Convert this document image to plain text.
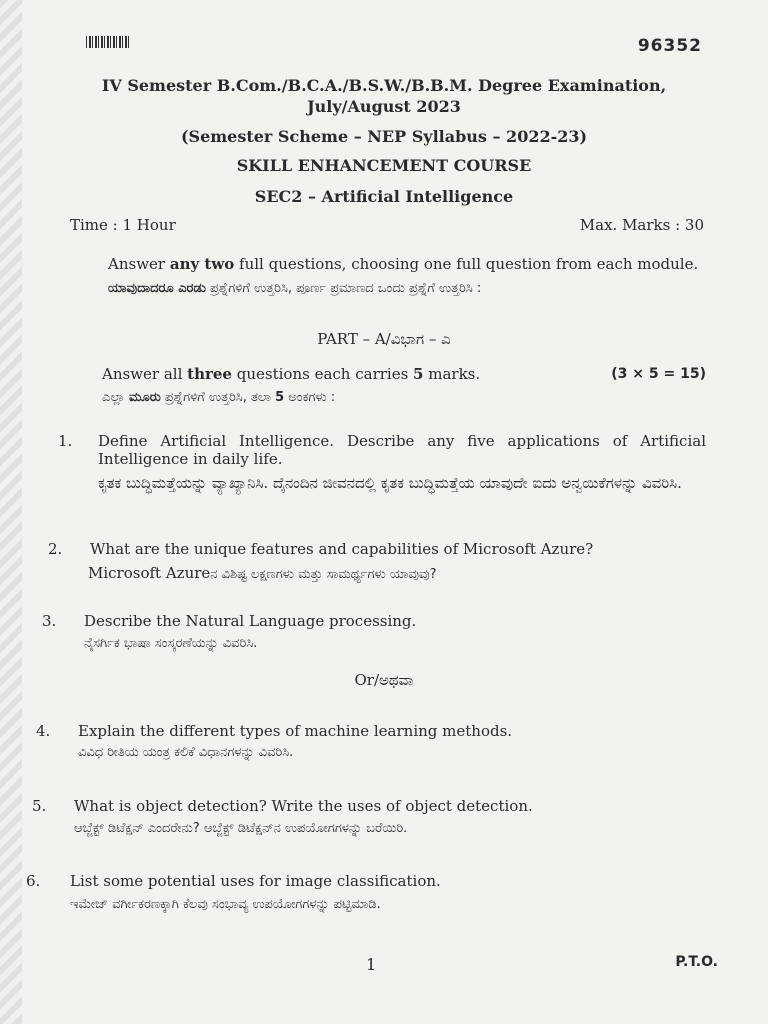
96352
IV Semester B.Com./B.C.A./B.S.W./B.B.M. Degree Examination,
July/August 2023
(Semester Scheme – NEP Syllabus – 2022-23)
SKILL ENHANCEMENT COURSE
SEC2 – Artificial Intelligence
Time : 1 Hour	Max. Marks : 30
Answer any two full questions, choosing one full question from each module.
ಯಾವುದಾದರೂ ಎರಡು ಪ್ರಶ್ನೆಗಳಿಗೆ ಉತ್ತರಿಸಿ, ಪೂರ್ಣ ಪ್ರಮಾಣದ ಒಂದು ಪ್ರಶ್ನೆಗೆ ಉತ್ತರಿಸಿ :
PART – A/ವಿಭಾಗ – ಎ
Answer all three questions each carries 5 marks.	(3 × 5 = 15)
ಎಲ್ಲಾ ಮೂರು ಪ್ರಶ್ನೆಗಳಿಗೆ ಉತ್ತರಿಸಿ, ತಲಾ 5 ಅಂಕಗಳು :
1. Define Artificial Intelligence. Describe any five applications of Artificial Intelligence in daily life.
ಕೃತಕ ಬುದ್ಧಿಮತ್ತೆಯನ್ನು ವ್ಯಾಖ್ಯಾನಿಸಿ. ದೈನಂದಿನ ಜೀವನದಲ್ಲಿ ಕೃತಕ ಬುದ್ಧಿಮತ್ತೆಯ ಯಾವುದೇ ಐದು ಅನ್ವಯಿಕೆಗಳನ್ನು ವಿವರಿಸಿ.
2. What are the unique features and capabilities of Microsoft Azure?
Microsoft Azureನ ವಿಶಿಷ್ಟ ಲಕ್ಷಣಗಳು ಮತ್ತು ಸಾಮರ್ಥ್ಯಗಳು ಯಾವುವು?
3. Describe the Natural Language processing.
ನೈಸರ್ಗಿಕ ಭಾಷಾ ಸಂಸ್ಕರಣೆಯನ್ನು ವಿವರಿಸಿ.
Or/ಅಥವಾ
4. Explain the different types of machine learning methods.
ವಿವಿಧ ರೀತಿಯ ಯಂತ್ರ ಕಲಿಕೆ ವಿಧಾನಗಳನ್ನು ವಿವರಿಸಿ.
5. What is object detection? Write the uses of object detection.
ಆಬ್ಜೆಕ್ಟ್ ಡಿಟೆಕ್ಷನ್ ಎಂದರೇನು? ಆಬ್ಜೆಕ್ಟ್ ಡಿಟೆಕ್ಷನ್‌ನ ಉಪಯೋಗಗಳನ್ನು ಬರೆಯಿರಿ.
6. List some potential uses for image classification.
ಇಮೇಜ್ ವರ್ಗೀಕರಣಕ್ಕಾಗಿ ಕೆಲವು ಸಂಭಾವ್ಯ ಉಪಯೋಗಗಳನ್ನು ಪಟ್ಟಿಮಾಡಿ.
1	P.T.O.
